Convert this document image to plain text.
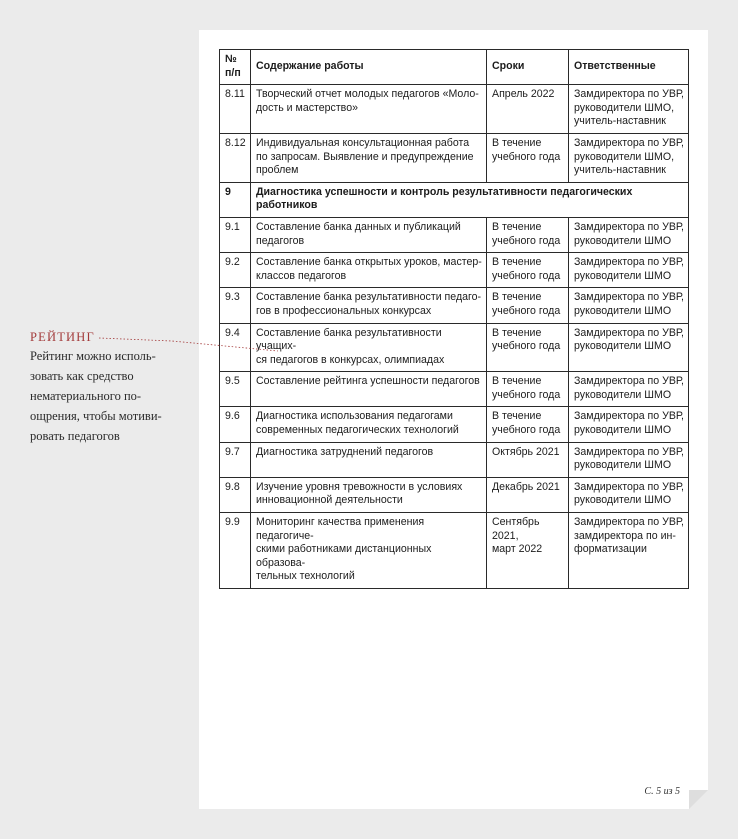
№
п/п	Содержание работы	Сроки	Ответственные
8.11	Творческий отчет молодых педагогов «Моло-
дость и мастерство»	Апрель 2022	Замдиректора по УВР,
руководители ШМО,
учитель-наставник
8.12	Индивидуальная консультационная работа
по запросам. Выявление и предупреждение
проблем	В течение
учебного года	Замдиректора по УВР,
руководители ШМО,
учитель-наставник
9	Диагностика успешности и контроль результативности педагогических
работников		
9.1	Составление банка данных и публикаций
педагогов	В течение
учебного года	Замдиректора по УВР,
руководители ШМО
9.2	Составление банка открытых уроков, мастер-
классов педагогов	В течение
учебного года	Замдиректора по УВР,
руководители ШМО
9.3	Составление банка результативности педаго-
гов в профессиональных конкурсах	В течение
учебного года	Замдиректора по УВР,
руководители ШМО
9.4	Составление банка результативности учащих-
ся педагогов в конкурсах, олимпиадах	В течение
учебного года	Замдиректора по УВР,
руководители ШМО
9.5	Составление рейтинга успешности педагогов	В течение
учебного года	Замдиректора по УВР,
руководители ШМО
9.6	Диагностика использования педагогами
современных педагогических технологий	В течение
учебного года	Замдиректора по УВР,
руководители ШМО
9.7	Диагностика затруднений педагогов	Октябрь 2021	Замдиректора по УВР,
руководители ШМО
9.8	Изучение уровня тревожности в условиях
инновационной деятельности	Декабрь 2021	Замдиректора по УВР,
руководители ШМО
9.9	Мониторинг качества применения педагогиче-
скими работниками дистанционных образова-
тельных технологий	Сентябрь 2021,
март 2022	Замдиректора по УВР,
замдиректора по ин-
форматизации
С. 5 из 5
РЕЙТИНГ
Рейтинг можно исполь-
зовать как средство
нематериального по-
ощрения, чтобы мотиви-
ровать педагогов
